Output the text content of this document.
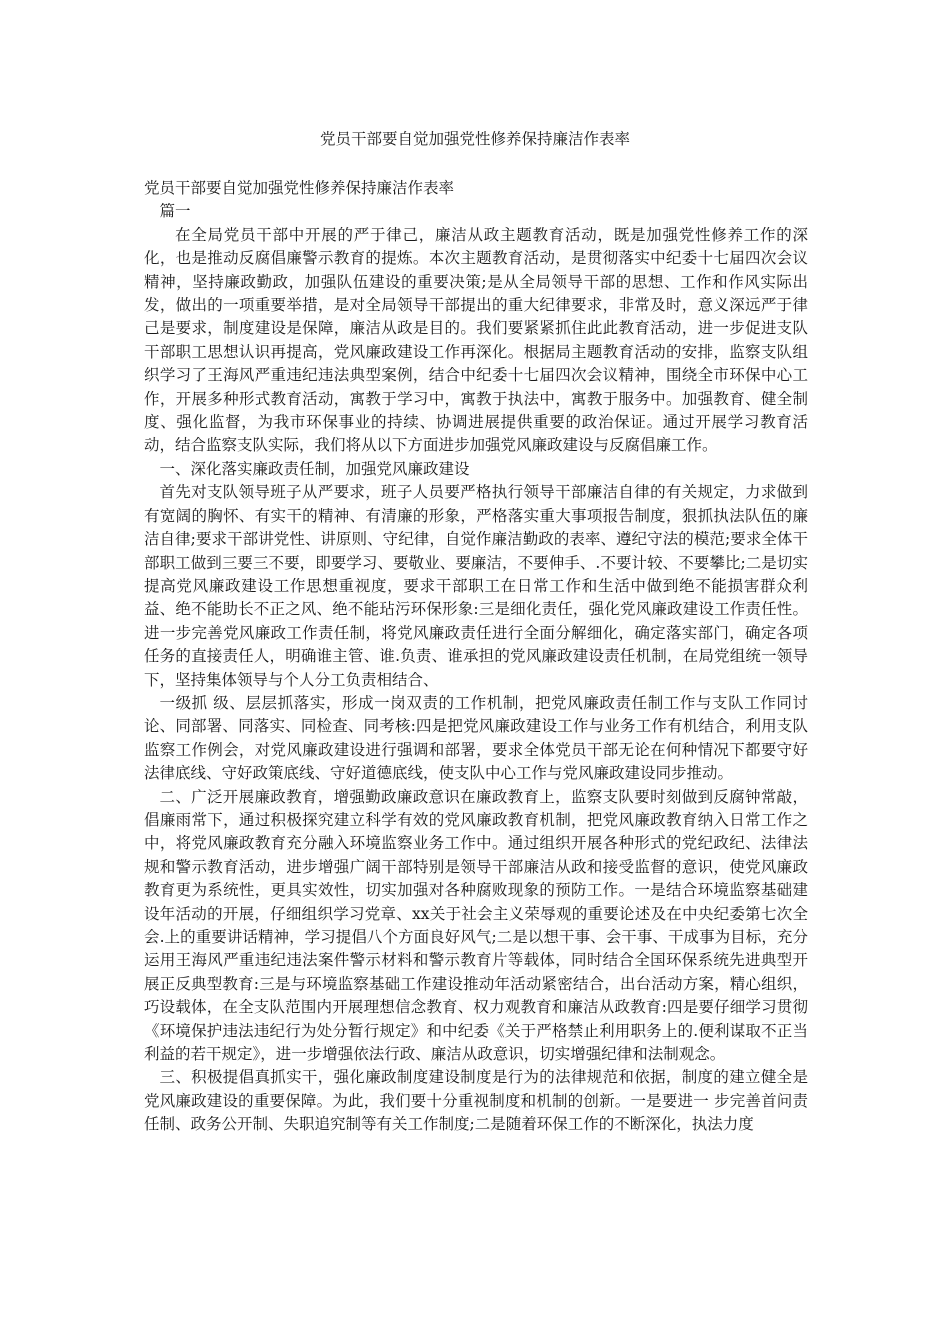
党员干部要自觉加强党性修养保持廉洁作表率

党员干部要自觉加强党性修养保持廉洁作表率

篇一

在全局党员干部中开展的严于律己，廉洁从政主题教育活动，既是加强党性修养工作的深化，也是推动反腐倡廉警示教育的提炼。本次主题教育活动，是贯彻落实中纪委十七届四次会议精神，坚持廉政勤政，加强队伍建设的重要决策;是从全局领导干部的思想、工作和作风实际出发，做出的一项重要举措，是对全局领导干部提出的重大纪律要求，非常及时，意义深远严于律己是要求，制度建设是保障，廉洁从政是目的。我们要紧紧抓住此此教育活动，进一步促进支队干部职工思想认识再提高，党风廉政建设工作再深化。根据局主题教育活动的安排，监察支队组织学习了王海风严重违纪违法典型案例，结合中纪委十七届四次会议精神，围绕全市环保中心工作，开展多种形式教育活动，寓教于学习中，寓教于执法中，寓教于服务中。加强教育、健全制度、强化监督，为我市环保事业的持续、协调进展提供重要的政治保证。通过开展学习教育活动，结合监察支队实际，我们将从以下方面进步加强党风廉政建设与反腐倡廉工作。

一、深化落实廉政责任制，加强党风廉政建设

首先对支队领导班子从严要求，班子人员要严格执行领导干部廉洁自律的有关规定，力求做到有宽阔的胸怀、有实干的精神、有清廉的形象，严格落实重大事项报告制度，狠抓执法队伍的廉洁自律;要求干部讲党性、讲原则、守纪律，自觉作廉洁勤政的表率、遵纪守法的模范;要求全体干部职工做到三要三不要，即要学习、要敬业、要廉洁，不要伸手、.不要计较、不要攀比;二是切实提高党风廉政建设工作思想重视度，要求干部职工在日常工作和生活中做到绝不能损害群众利益、绝不能助长不正之风、绝不能玷污环保形象:三是细化责任，强化党风廉政建设工作责任性。进一步完善党风廉政工作责任制，将党风廉政责任进行全面分解细化，确定落实部门，确定各项任务的直接责任人，明确谁主管、谁.负责、谁承担的党风廉政建设责任机制，在局党组统一领导下，坚持集体领导与个人分工负责相结合、

一级抓 级、层层抓落实，形成一岗双责的工作机制，把党风廉政责任制工作与支队工作同讨论、同部署、同落实、同检查、同考核:四是把党风廉政建设工作与业务工作有机结合，利用支队监察工作例会，对党风廉政建设进行强调和部署，要求全体党员干部无论在何种情况下都要守好法律底线、守好政策底线、守好道德底线，使支队中心工作与党风廉政建设同步推动。

二、广泛开展廉政教育，增强勤政廉政意识在廉政教育上，监察支队要时刻做到反腐钟常敲，倡廉雨常下，通过积极探究建立科学有效的党风廉政教育机制，把党风廉政教育纳入日常工作之中，将党风廉政教育充分融入环境监察业务工作中。通过组织开展各种形式的党纪政纪、法律法规和警示教育活动，进步增强广阔干部特别是领导干部廉洁从政和接受监督的意识，使党风廉政教育更为系统性，更具实效性，切实加强对各种腐败现象的预防工作。一是结合环境监察基础建设年活动的开展，仔细组织学习党章、xx关于社会主义荣辱观的重要论述及在中央纪委第七次全会.上的重要讲话精神，学习提倡八个方面良好风气;二是以想干事、会干事、干成事为目标，充分运用王海风严重违纪违法案件警示材料和警示教育片等载体，同时结合全国环保系统先进典型开展正反典型教育:三是与环境监察基础工作建设推动年活动紧密结合，出台活动方案，精心组织，巧设载体，在全支队范围内开展理想信念教育、权力观教育和廉洁从政教育:四是要仔细学习贯彻《环境保护违法违纪行为处分暂行规定》和中纪委《关于严格禁止利用职务上的.便利谋取不正当利益的若干规定》，进一步增强依法行政、廉洁从政意识，切实增强纪律和法制观念。

三、积极提倡真抓实干，强化廉政制度建设制度是行为的法律规范和依据，制度的建立健全是党风廉政建设的重要保障。为此，我们要十分重视制度和机制的创新。一是要进一 步完善首问责任制、政务公开制、失职追究制等有关工作制度;二是随着环保工作的不断深化，执法力度
